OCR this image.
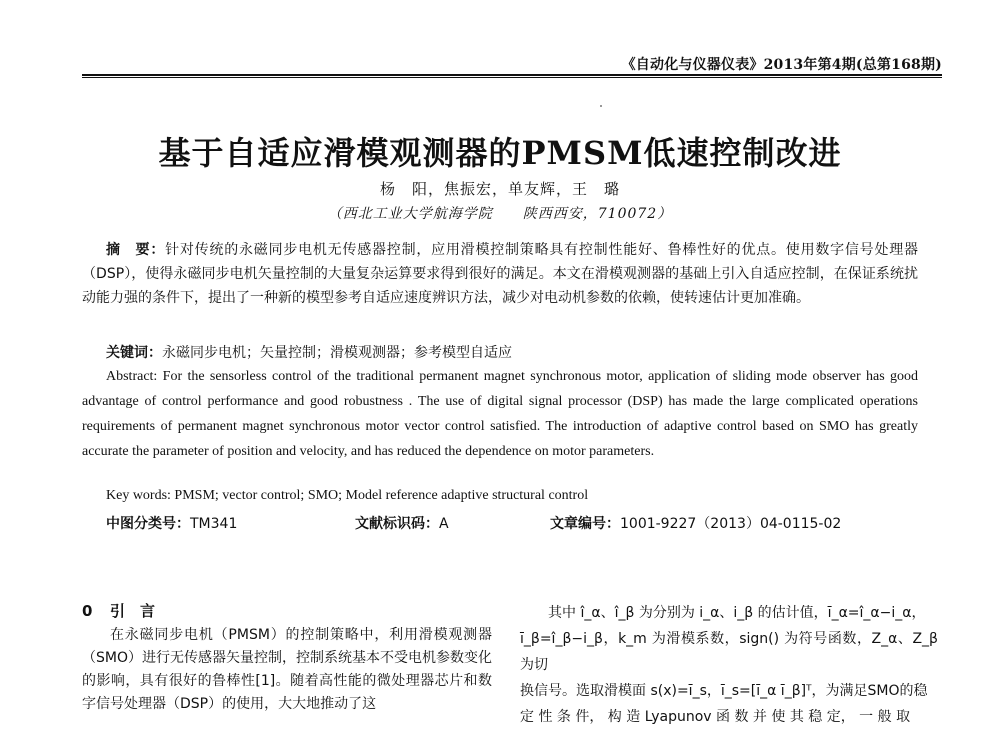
《自动化与仪器仪表》2013年第4期(总第168期)
基于自适应滑模观测器的PMSM低速控制改进
杨　阳，焦振宏，单友辉，王　璐
（西北工业大学航海学院　　陕西西安，710072）
摘　要：针对传统的永磁同步电机无传感器控制，应用滑模控制策略具有控制性能好、鲁棒性好的优点。使用数字信号处理器（DSP），使得永磁同步电机矢量控制的大量复杂运算要求得到很好的满足。本文在滑模观测器的基础上引入自适应控制，在保证系统扰动能力强的条件下，提出了一种新的模型参考自适应速度辨识方法，减少对电动机参数的依赖，使转速估计更加准确。
关键词：永磁同步电机；矢量控制；滑模观测器；参考模型自适应
Abstract: For the sensorless control of the traditional permanent magnet synchronous motor, application of sliding mode observer has good advantage of control performance and good robustness . The use of digital signal processor (DSP) has made the large complicated operations requirements of permanent magnet synchronous motor vector control satisfied. The introduction of adaptive control based on SMO has greatly accurate the parameter of position and velocity, and has reduced the dependence on motor parameters.
Key words: PMSM; vector control; SMO; Model reference adaptive structural control
中图分类号：TM341	文献标识码：A	文章编号：1001-9227（2013）04-0115-02
0 引　言

在永磁同步电机（PMSM）的控制策略中，利用滑模观测器（SMO）进行无传感器矢量控制，控制系统基本不受电机参数变化的影响，具有很好的鲁棒性[1]。随着高性能的微处理器芯片和数字信号处理器（DSP）的使用，大大地推动了这

其中 î_α、î_β 为分别为 i_α、i_β 的估计值，ī_α=î_α−i_α，
ī_β=î_β−i_β，k_m 为滑模系数，sign() 为符号函数，Z_α、Z_β 为切
换信号。选取滑模面 s(x)=ī_s，ī_s=[ī_α ī_β]ᵀ，为满足SMO的稳
定 性 条 件， 构 造 Lyapunov 函 数 并 使 其 稳 定， 一 般 取
